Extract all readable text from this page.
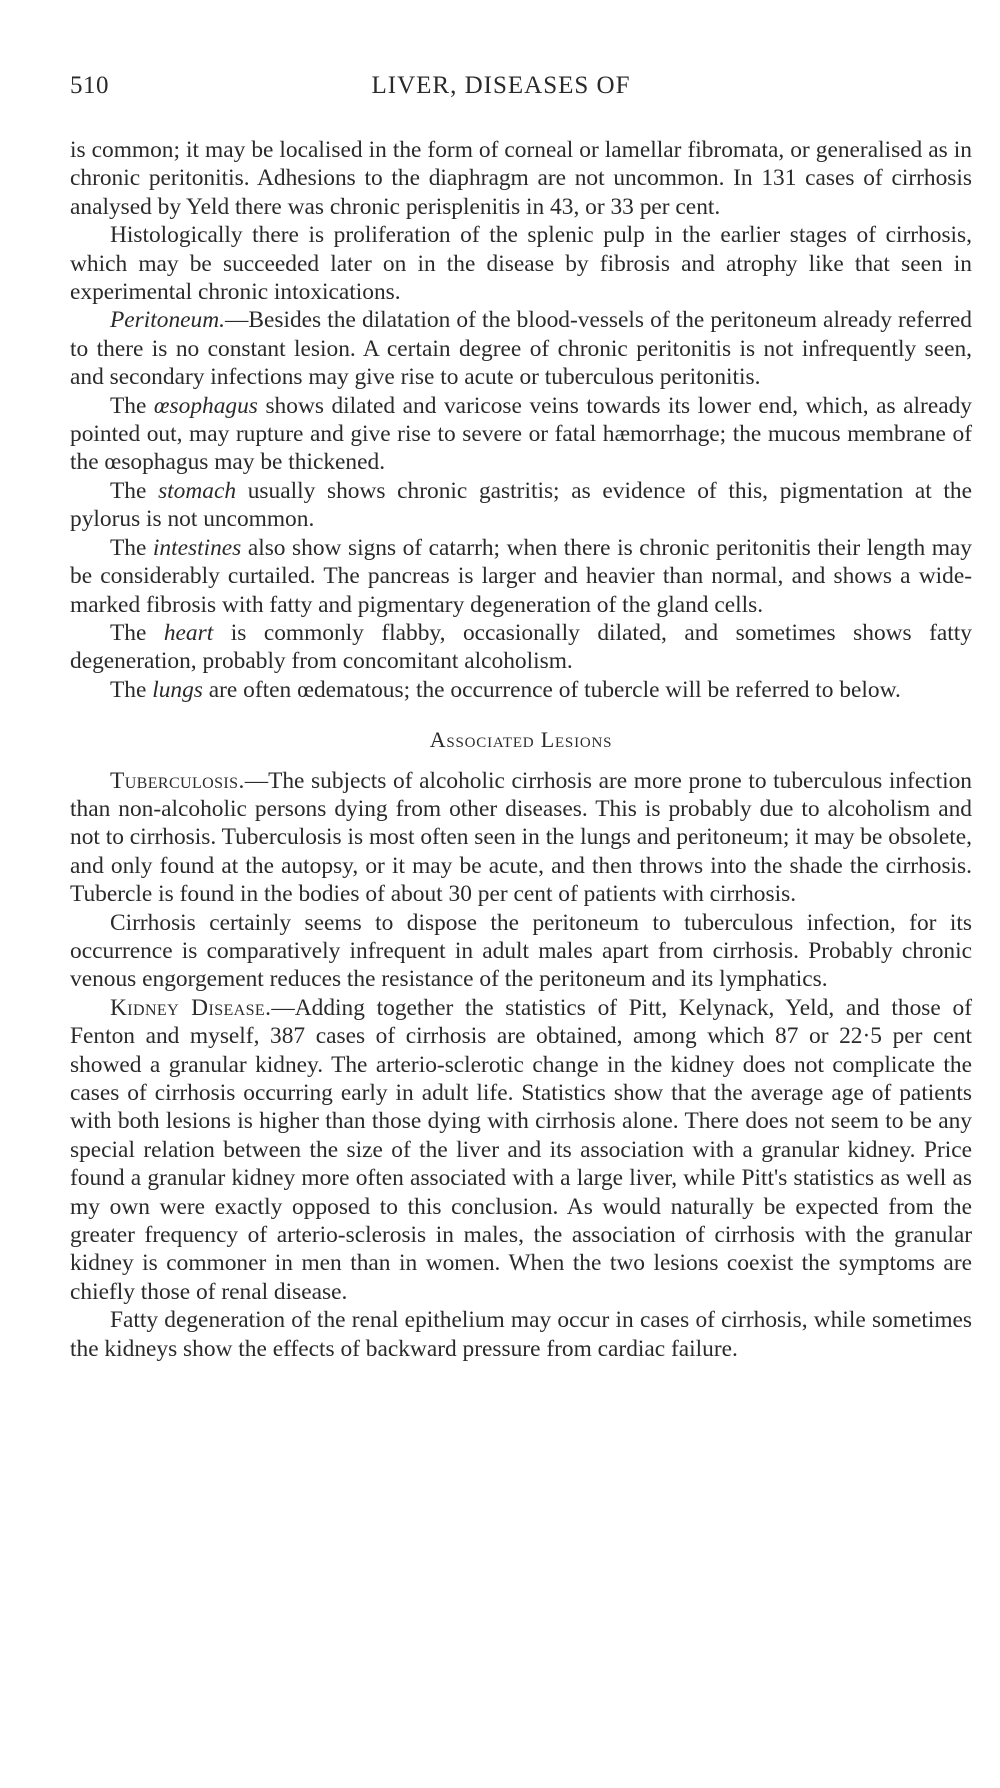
510	LIVER, DISEASES OF

is common; it may be localised in the form of corneal or lamellar fibromata, or generalised as in chronic peritonitis. Adhesions to the diaphragm are not uncommon. In 131 cases of cirrhosis analysed by Yeld there was chronic perisplenitis in 43, or 33 per cent.

Histologically there is proliferation of the splenic pulp in the earlier stages of cirrhosis, which may be succeeded later on in the disease by fibrosis and atrophy like that seen in experimental chronic intoxications.

Peritoneum.—Besides the dilatation of the blood-vessels of the peritoneum already referred to there is no constant lesion. A certain degree of chronic peritonitis is not infrequently seen, and secondary infections may give rise to acute or tuberculous peritonitis.

The œsophagus shows dilated and varicose veins towards its lower end, which, as already pointed out, may rupture and give rise to severe or fatal hæmorrhage; the mucous membrane of the œsophagus may be thickened.

The stomach usually shows chronic gastritis; as evidence of this, pigmentation at the pylorus is not uncommon.

The intestines also show signs of catarrh; when there is chronic peritonitis their length may be considerably curtailed. The pancreas is larger and heavier than normal, and shows a wide-marked fibrosis with fatty and pigmentary degeneration of the gland cells.

The heart is commonly flabby, occasionally dilated, and sometimes shows fatty degeneration, probably from concomitant alcoholism.

The lungs are often œdematous; the occurrence of tubercle will be referred to below.

Associated Lesions

Tuberculosis.—The subjects of alcoholic cirrhosis are more prone to tuberculous infection than non-alcoholic persons dying from other diseases. This is probably due to alcoholism and not to cirrhosis. Tuberculosis is most often seen in the lungs and peritoneum; it may be obsolete, and only found at the autopsy, or it may be acute, and then throws into the shade the cirrhosis. Tubercle is found in the bodies of about 30 per cent of patients with cirrhosis.

Cirrhosis certainly seems to dispose the peritoneum to tuberculous infection, for its occurrence is comparatively infrequent in adult males apart from cirrhosis. Probably chronic venous engorgement reduces the resistance of the peritoneum and its lymphatics.

Kidney Disease.—Adding together the statistics of Pitt, Kelynack, Yeld, and those of Fenton and myself, 387 cases of cirrhosis are obtained, among which 87 or 22·5 per cent showed a granular kidney. The arterio-sclerotic change in the kidney does not complicate the cases of cirrhosis occurring early in adult life. Statistics show that the average age of patients with both lesions is higher than those dying with cirrhosis alone. There does not seem to be any special relation between the size of the liver and its association with a granular kidney. Price found a granular kidney more often associated with a large liver, while Pitt's statistics as well as my own were exactly opposed to this conclusion. As would naturally be expected from the greater frequency of arterio-sclerosis in males, the association of cirrhosis with the granular kidney is commoner in men than in women. When the two lesions coexist the symptoms are chiefly those of renal disease.

Fatty degeneration of the renal epithelium may occur in cases of cirrhosis, while sometimes the kidneys show the effects of backward pressure from cardiac failure.
